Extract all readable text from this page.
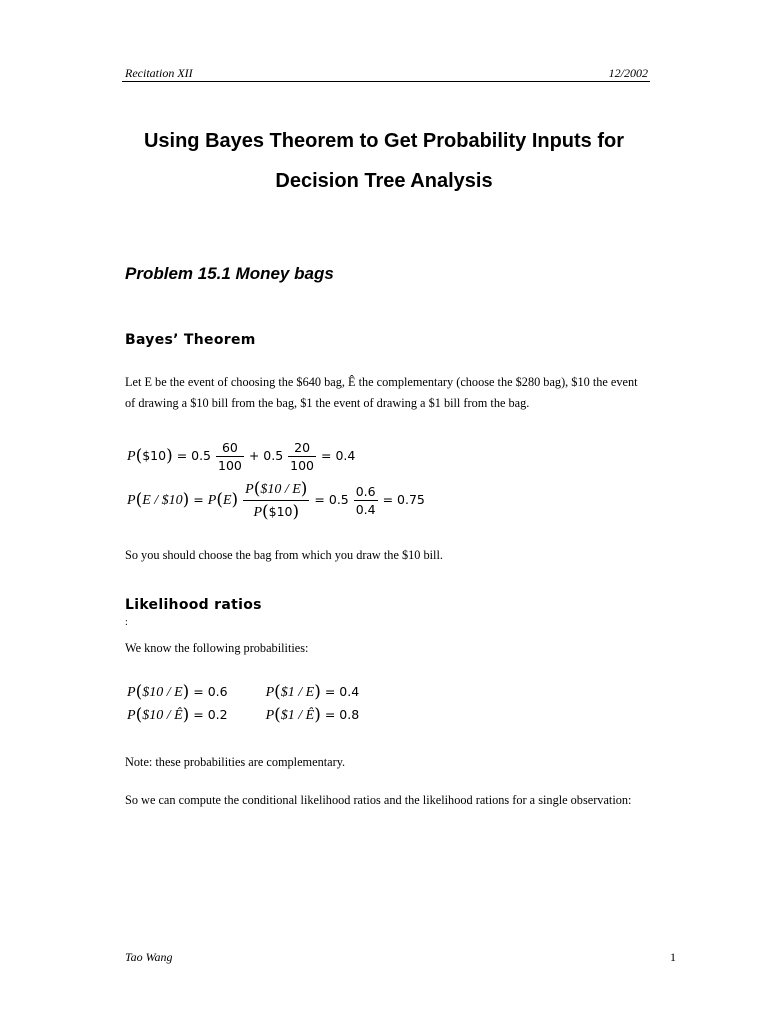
Recitation XII	12/2002
Using Bayes Theorem to Get Probability Inputs for
Decision Tree Analysis
Problem 15.1 Money bags
Bayes’ Theorem
Let E be the event of choosing the $640 bag, Ê the complementary (choose the $280 bag), $10 the event of drawing a $10 bill from the bag, $1 the event of drawing a $1 bill from the bag.
P($10) = $0.5 \frac{60}{100} + 0.5 \frac{20}{100} = 0.4$
P(E / $10) = $P(E) \frac{P(\$10 / E)}{P(\$10)} = 0.5 \frac{0.6}{0.4} = 0.75$
So you should choose the bag from which you draw the $10 bill.
Likelihood ratios
:
We know the following probabilities:
P($10 / E) = 0.6	P($1 / E) = 0.4
P($10 / Ê) = 0.2	P($1 / Ê) = 0.8
Note: these probabilities are complementary.
So we can compute the conditional likelihood ratios and the likelihood rations for a single observation:
Tao Wang	1
